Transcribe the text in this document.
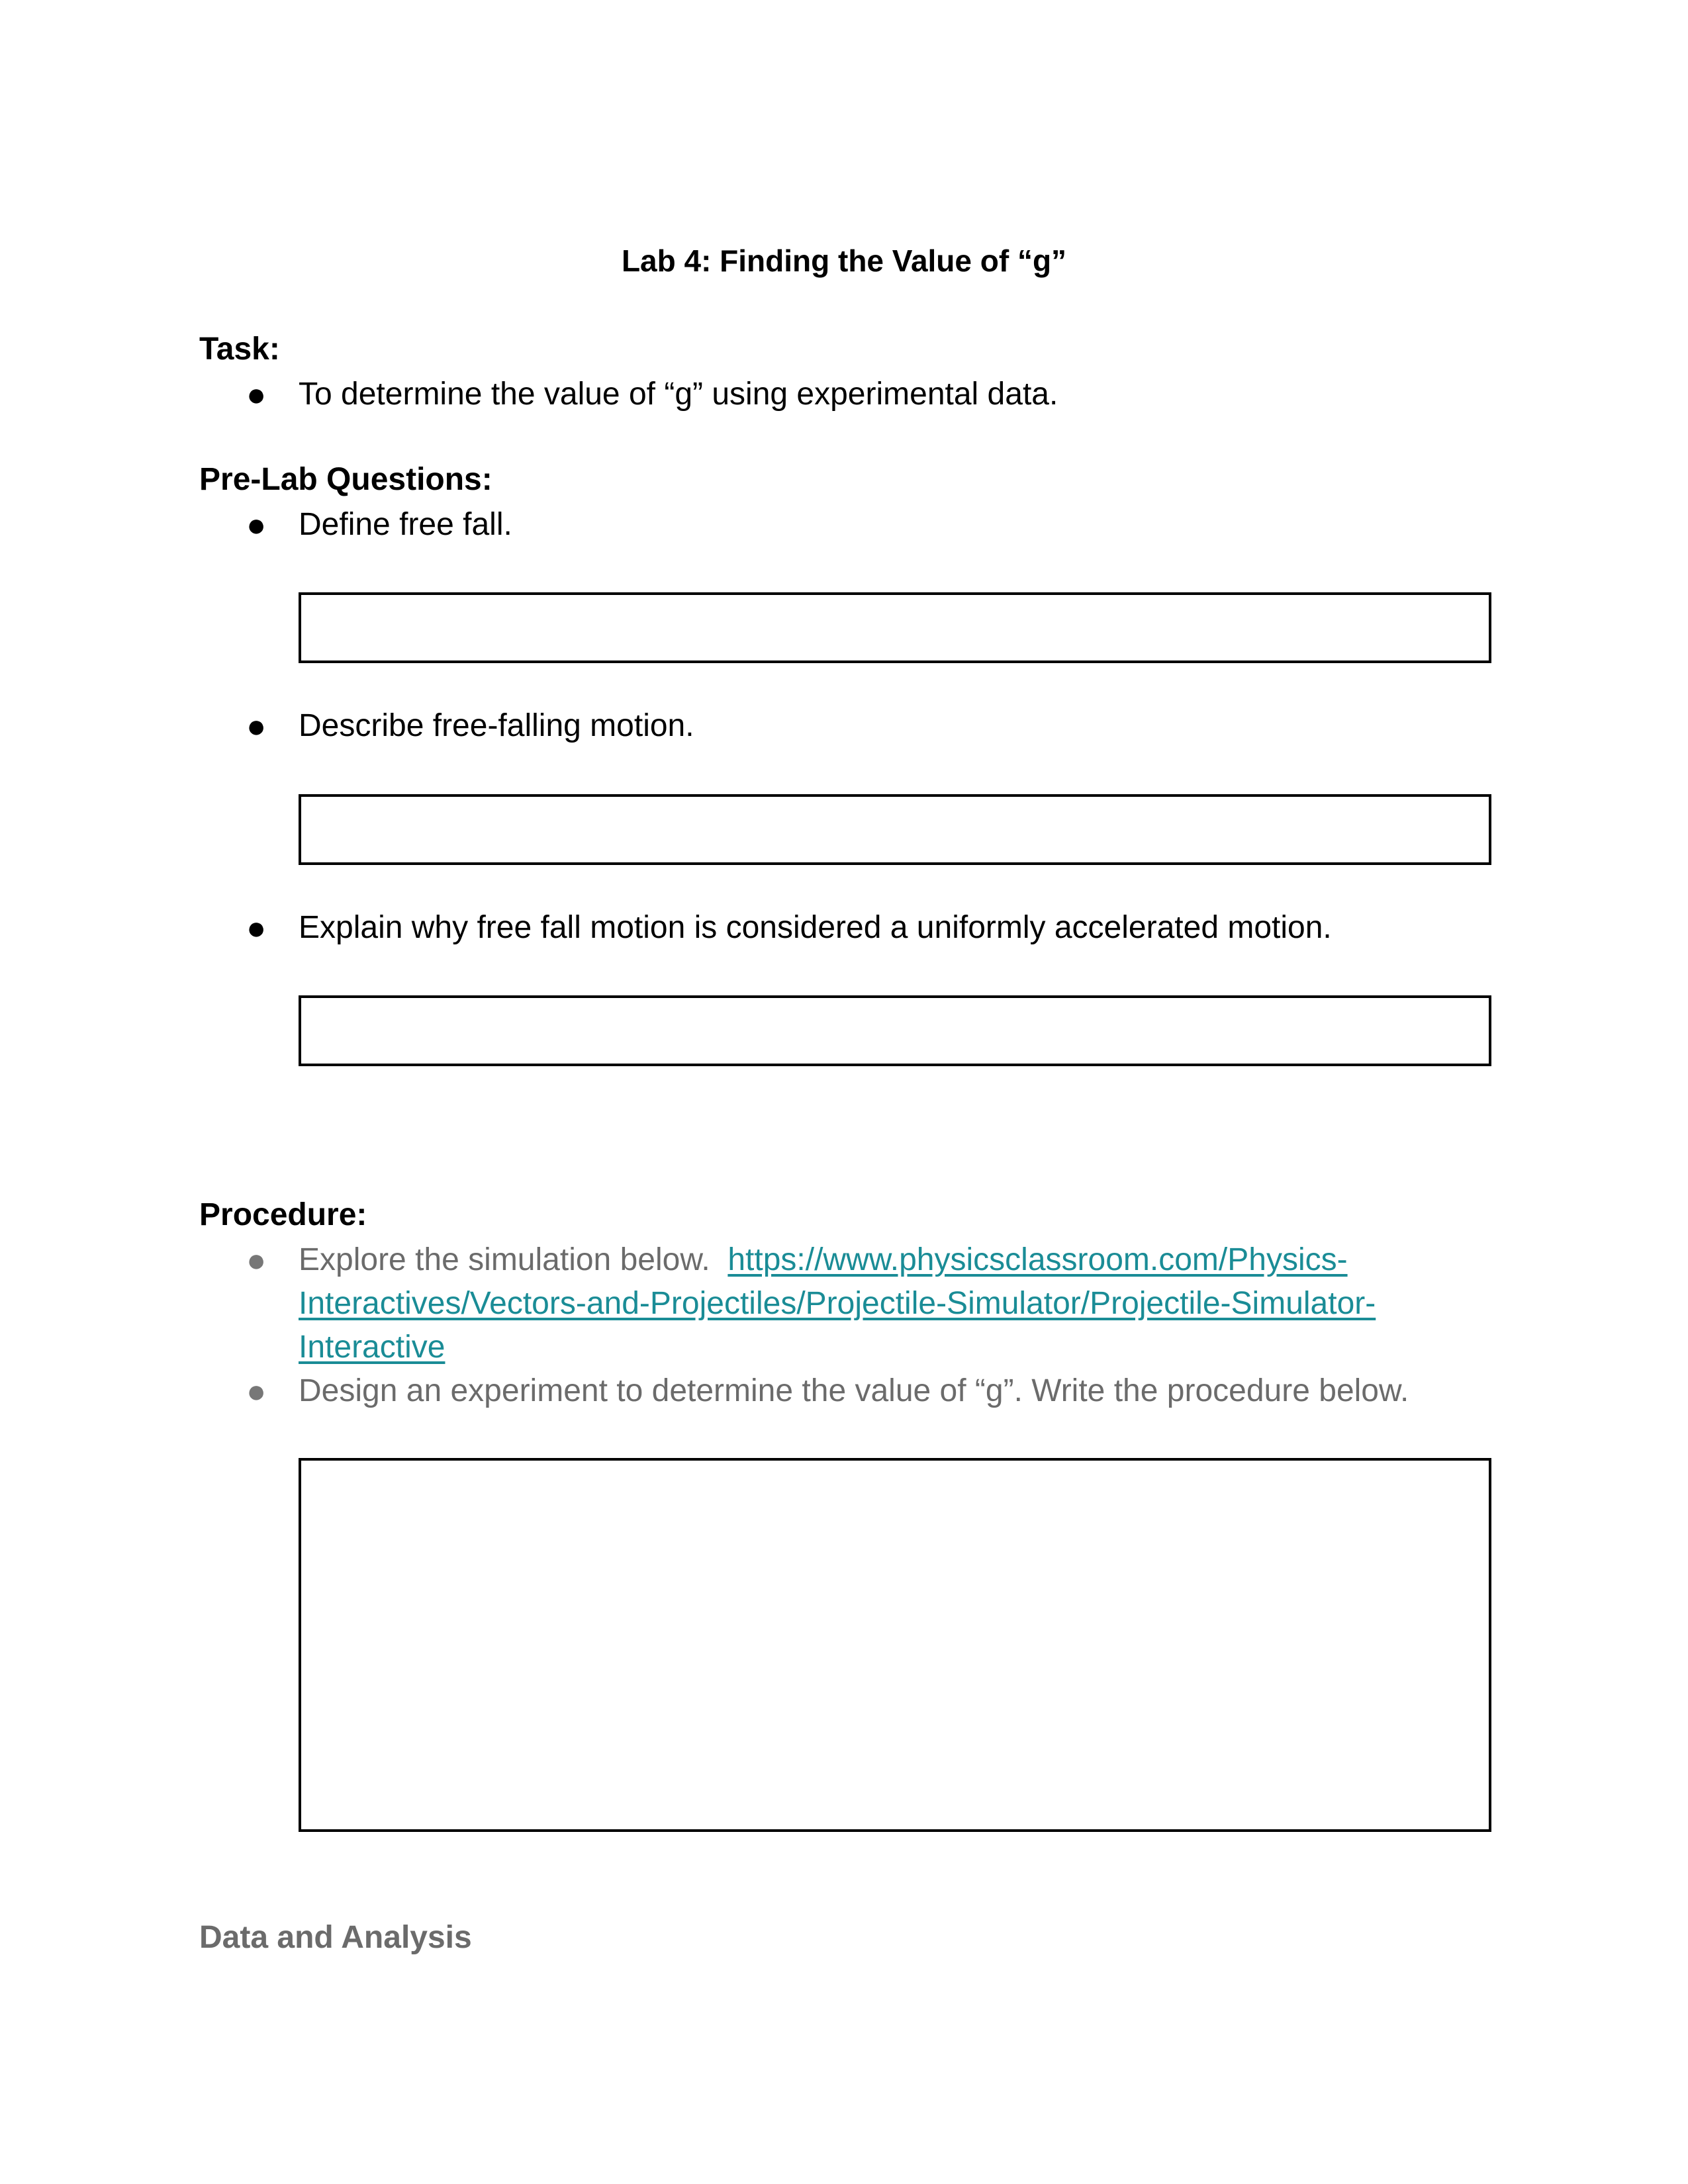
Lab 4: Finding the Value of “g”
Task:
● To determine the value of “g” using experimental data.
Pre-Lab Questions:
● Define free fall.
● Describe free-falling motion.
● Explain why free fall motion is considered a uniformly accelerated motion.
Procedure:
● Explore the simulation below. https://www.physicsclassroom.com/Physics-
Interactives/Vectors-and-Projectiles/Projectile-Simulator/Projectile-Simulator-
Interactive
● Design an experiment to determine the value of “g”. Write the procedure below.
Data and Analysis
